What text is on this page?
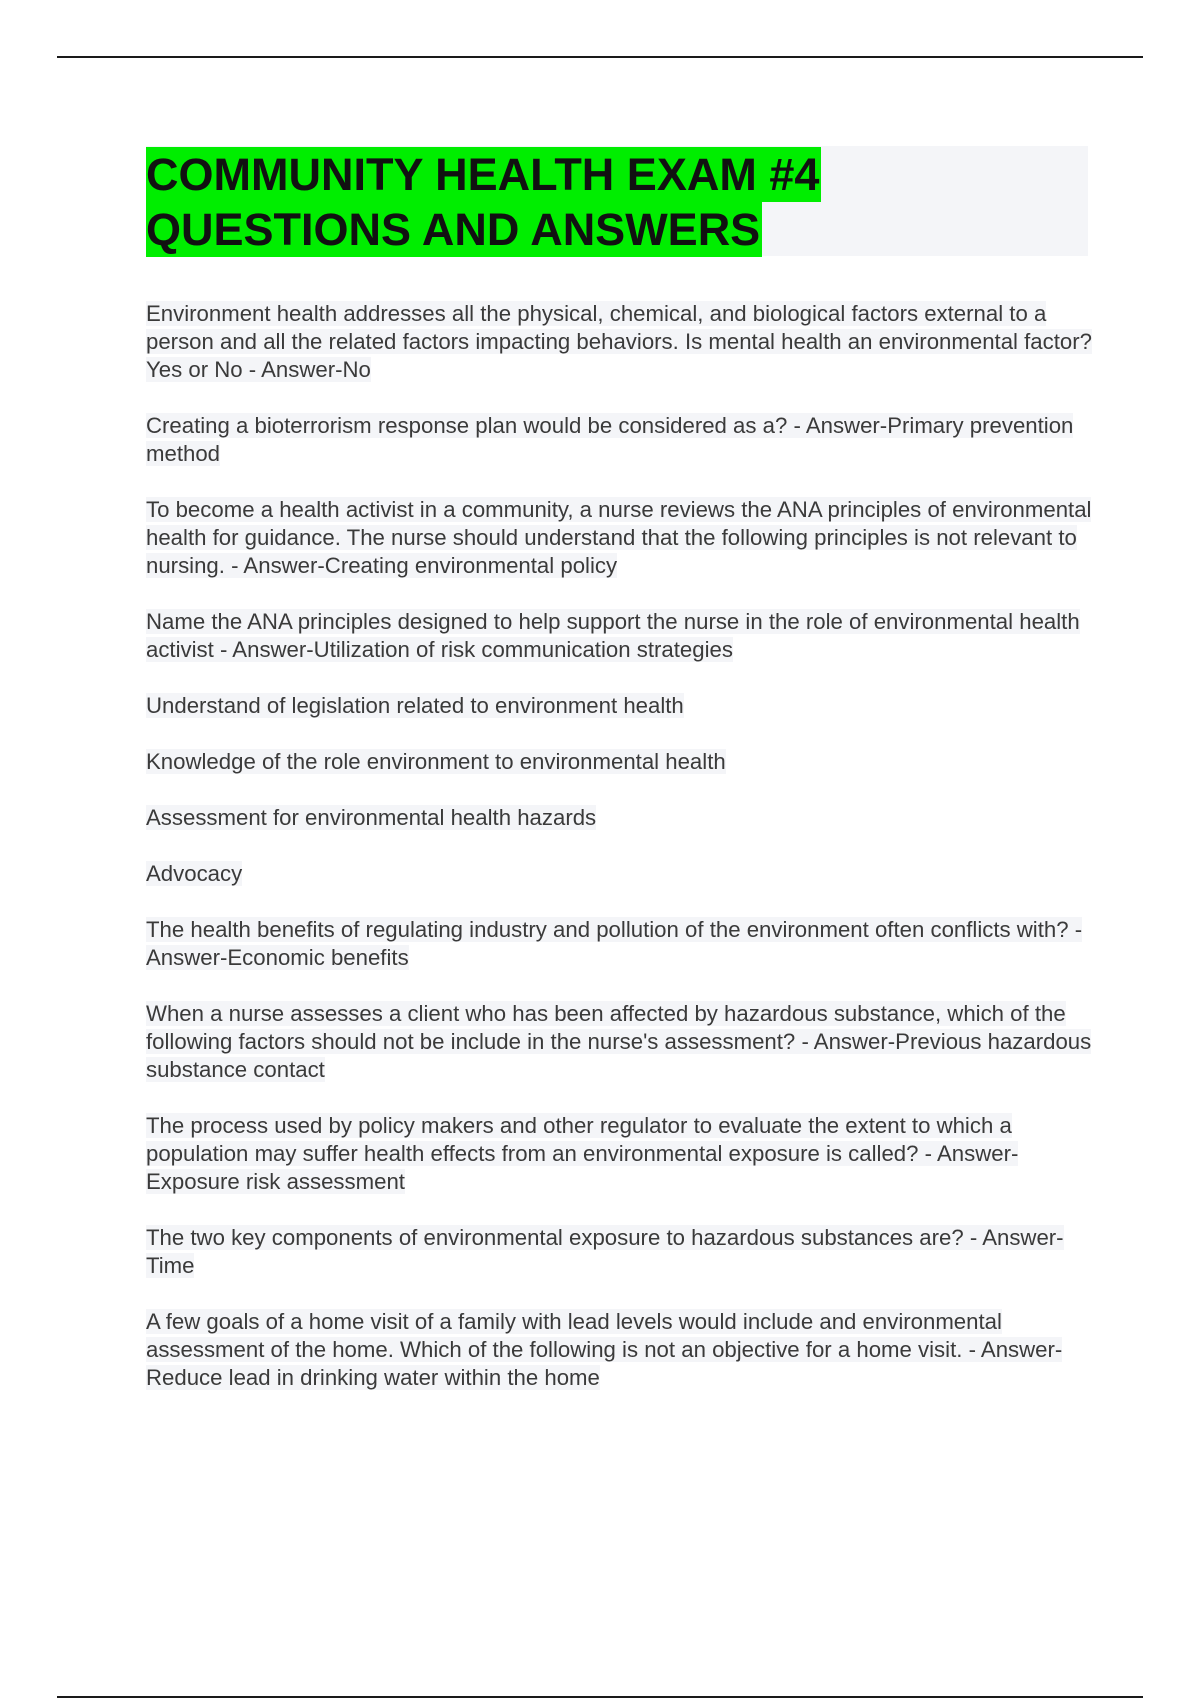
COMMUNITY HEALTH EXAM #4
QUESTIONS AND ANSWERS

Environment health addresses all the physical, chemical, and biological factors external to a person and all the related factors impacting behaviors. Is mental health an environmental factor? Yes or No - Answer-No

Creating a bioterrorism response plan would be considered as a? - Answer-Primary prevention method

To become a health activist in a community, a nurse reviews the ANA principles of environmental health for guidance. The nurse should understand that the following principles is not relevant to nursing. - Answer-Creating environmental policy

Name the ANA principles designed to help support the nurse in the role of environmental health activist - Answer-Utilization of risk communication strategies

Understand of legislation related to environment health

Knowledge of the role environment to environmental health

Assessment for environmental health hazards

Advocacy

The health benefits of regulating industry and pollution of the environment often conflicts with? - Answer-Economic benefits

When a nurse assesses a client who has been affected by hazardous substance, which of the following factors should not be include in the nurse's assessment? - Answer-Previous hazardous substance contact

The process used by policy makers and other regulator to evaluate the extent to which a population may suffer health effects from an environmental exposure is called? - Answer-Exposure risk assessment

The two key components of environmental exposure to hazardous substances are? - Answer-Time

A few goals of a home visit of a family with lead levels would include and environmental assessment of the home. Which of the following is not an objective for a home visit. - Answer-Reduce lead in drinking water within the home
